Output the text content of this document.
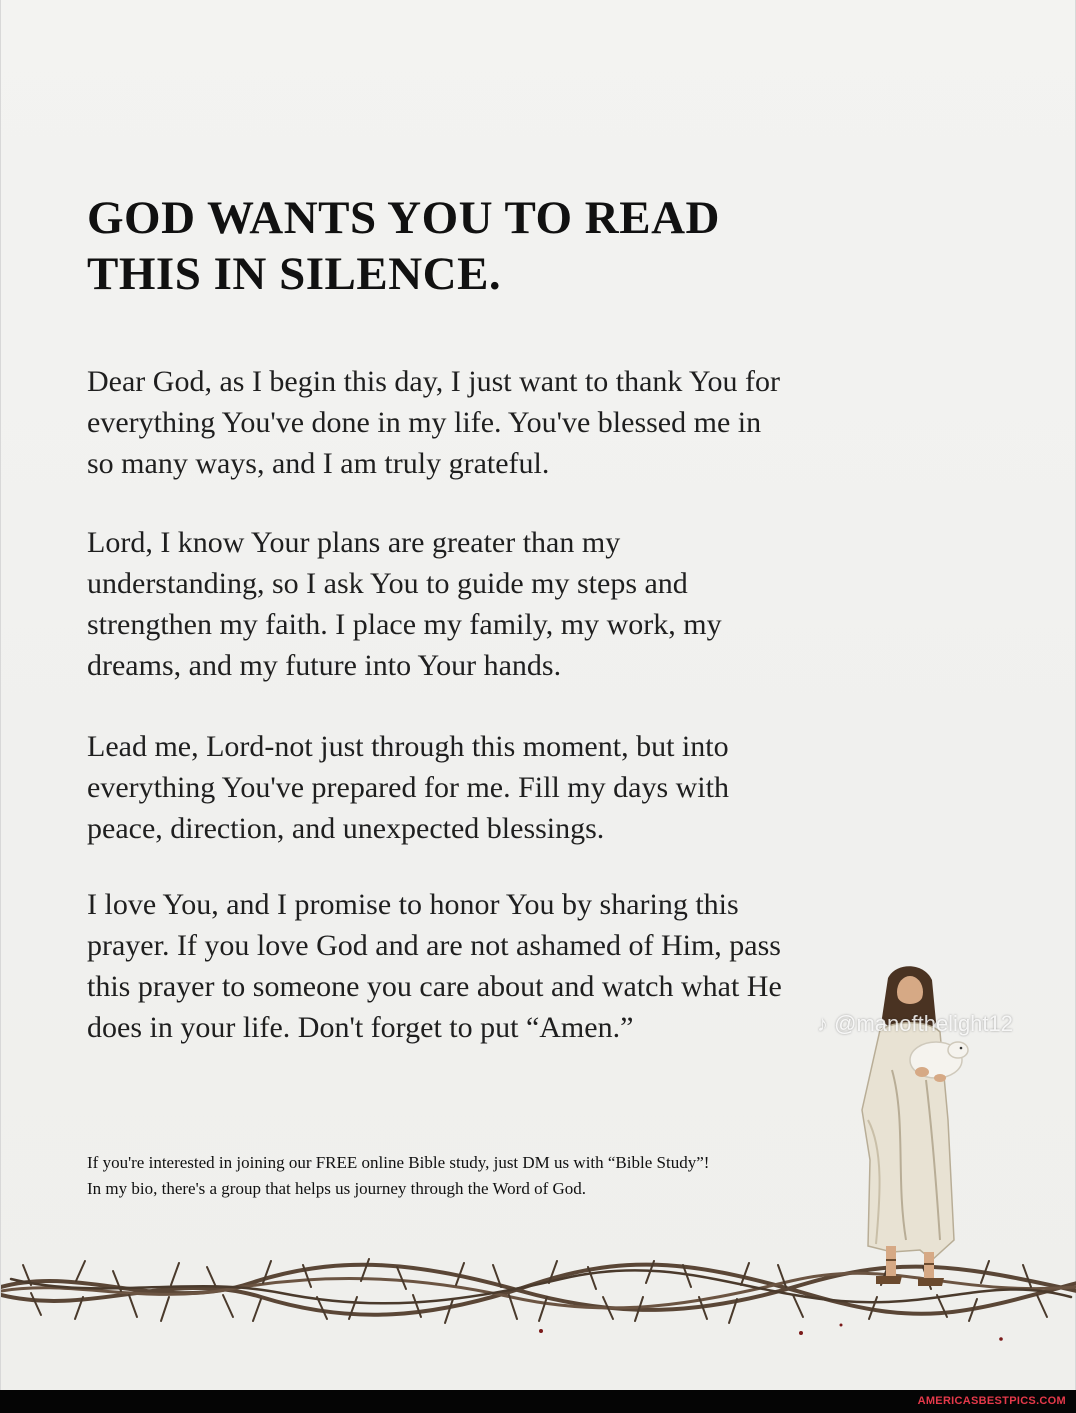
GOD WANTS YOU TO READ
THIS IN SILENCE.

Dear God, as I begin this day, I just want to thank You for
everything You've done in my life. You've blessed me in
so many ways, and I am truly grateful.

Lord, I know Your plans are greater than my
understanding, so I ask You to guide my steps and
strengthen my faith. I place my family, my work, my
dreams, and my future into Your hands.

Lead me, Lord-not just through this moment, but into
everything You've prepared for me. Fill my days with
peace, direction, and unexpected blessings.

I love You, and I promise to honor You by sharing this
prayer. If you love God and are not ashamed of Him, pass
this prayer to someone you care about and watch what He
does in your life. Don't forget to put “Amen.”	♪ @manofthelight12

If you're interested in joining our FREE online Bible study, just DM us with “Bible Study”!
In my bio, there's a group that helps us journey through the Word of God.

AMERICASBESTPICS.COM
